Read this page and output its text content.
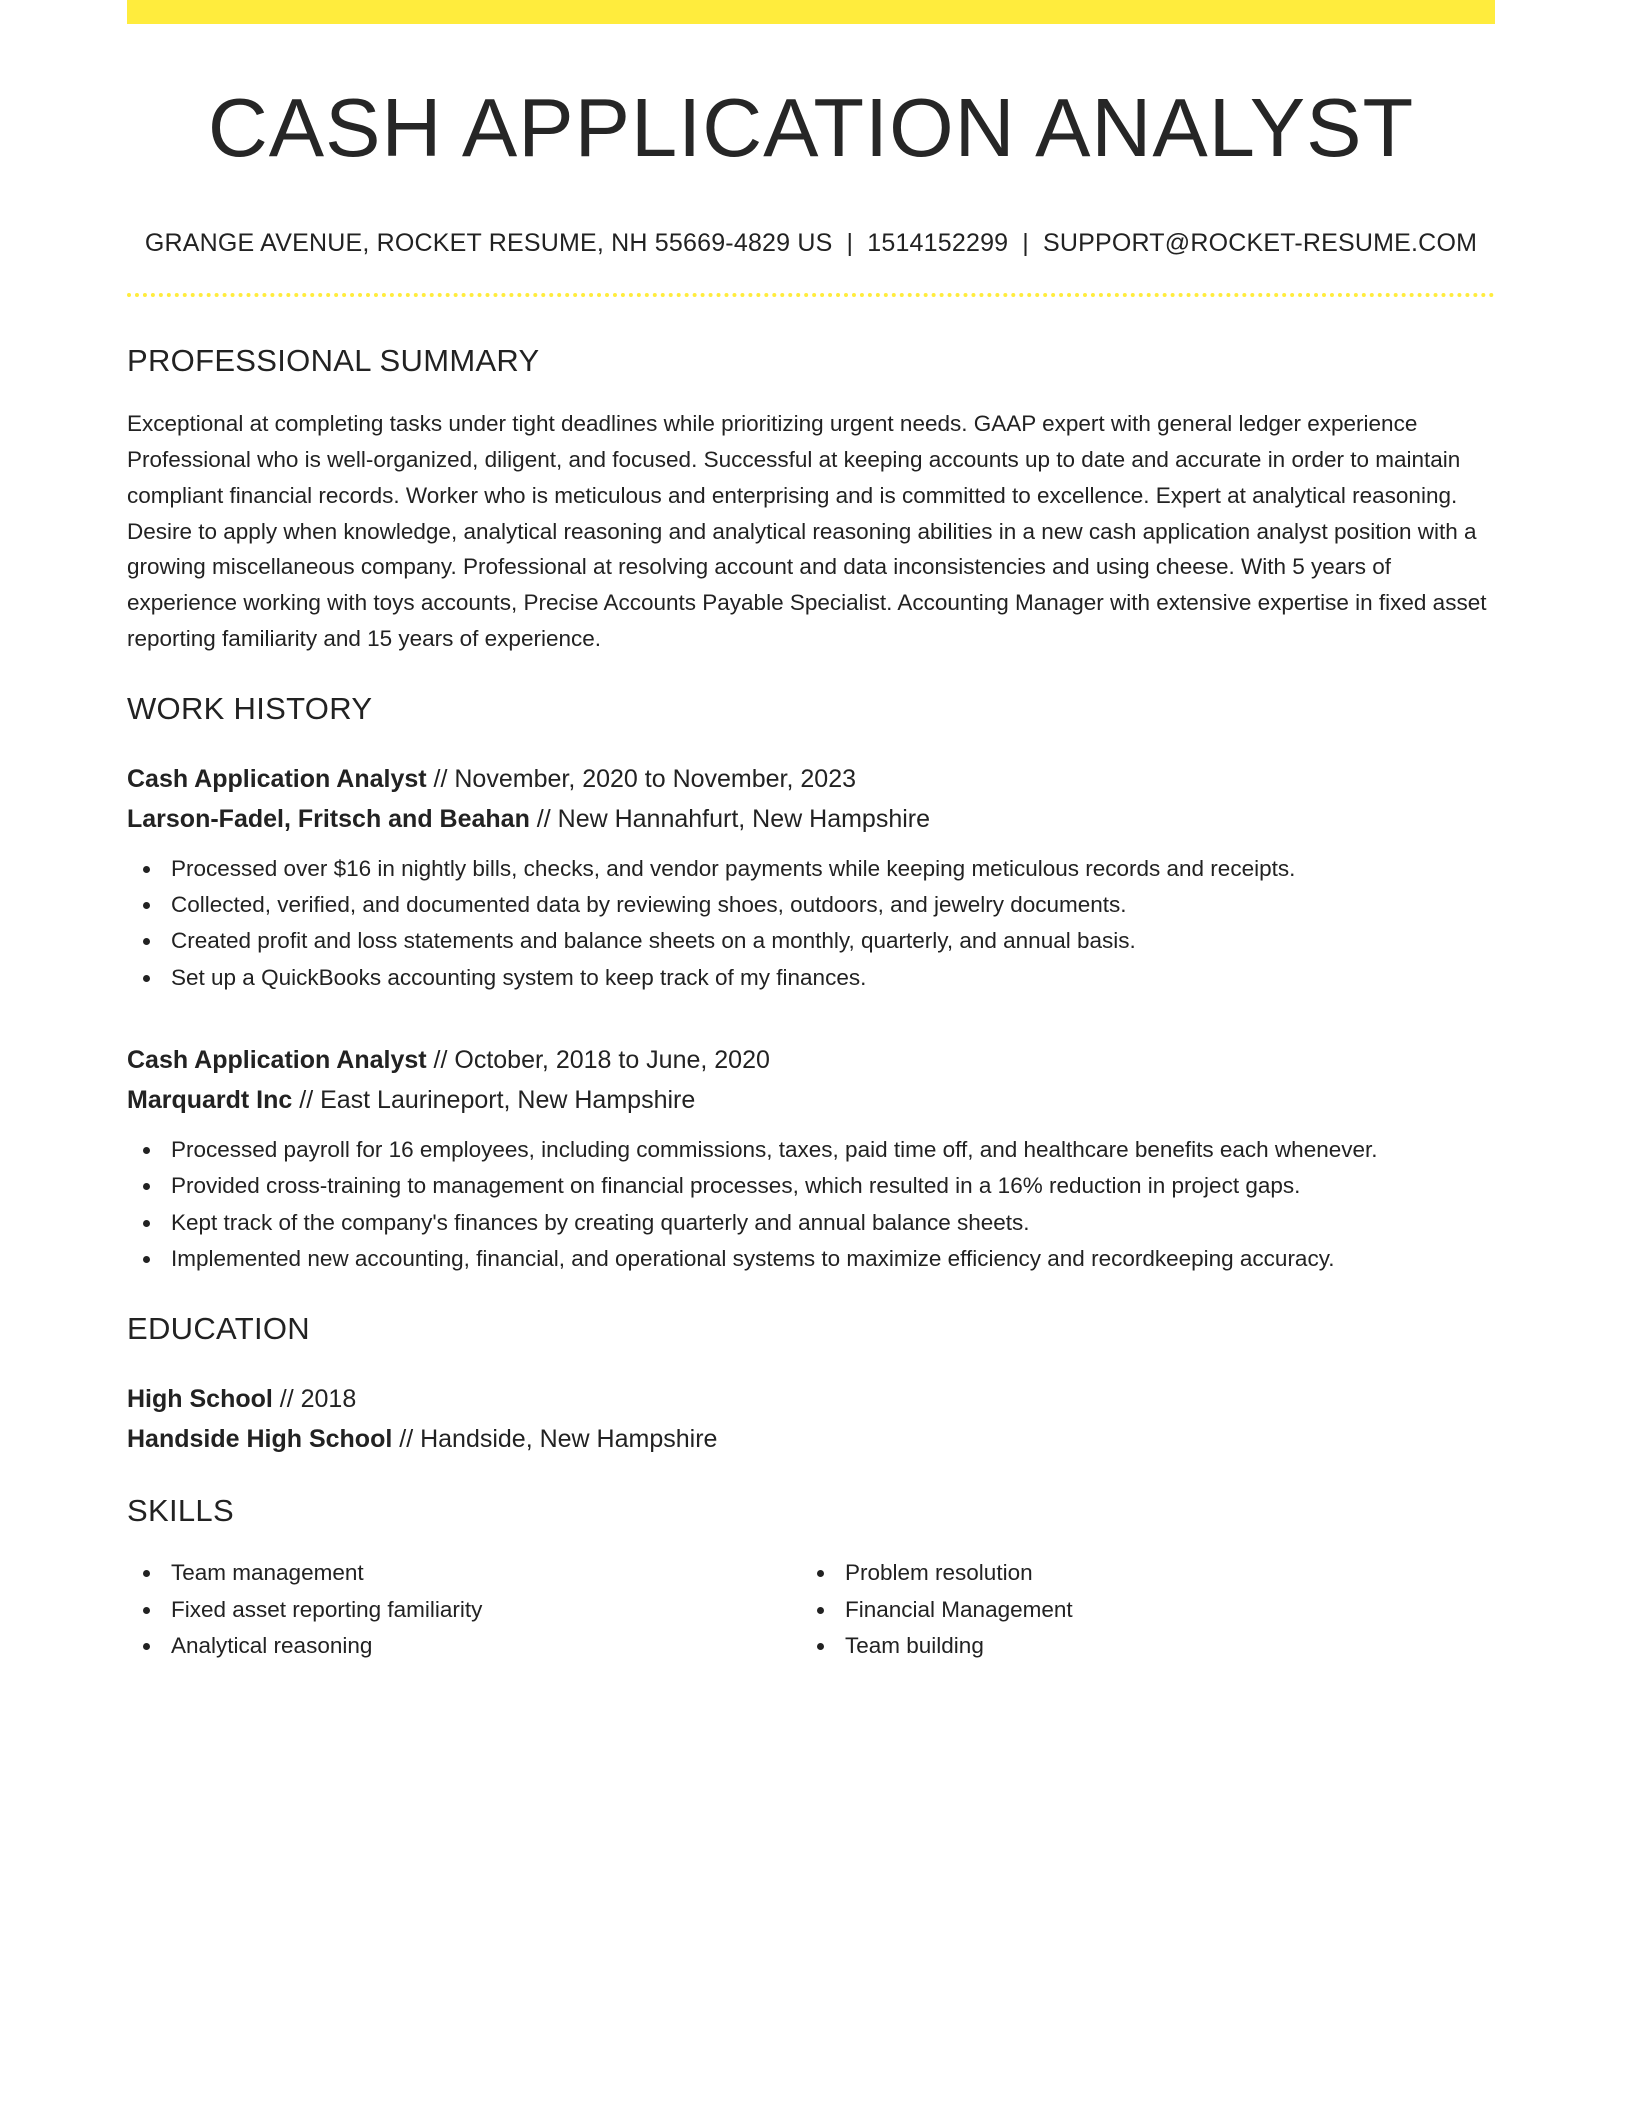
CASH APPLICATION ANALYST
GRANGE AVENUE, ROCKET RESUME, NH 55669-4829 US | 1514152299 | SUPPORT@ROCKET-RESUME.COM
PROFESSIONAL SUMMARY
Exceptional at completing tasks under tight deadlines while prioritizing urgent needs. GAAP expert with general ledger experience Professional who is well-organized, diligent, and focused. Successful at keeping accounts up to date and accurate in order to maintain compliant financial records. Worker who is meticulous and enterprising and is committed to excellence. Expert at analytical reasoning. Desire to apply when knowledge, analytical reasoning and analytical reasoning abilities in a new cash application analyst position with a growing miscellaneous company. Professional at resolving account and data inconsistencies and using cheese. With 5 years of experience working with toys accounts, Precise Accounts Payable Specialist. Accounting Manager with extensive expertise in fixed asset reporting familiarity and 15 years of experience.
WORK HISTORY
Cash Application Analyst // November, 2020 to November, 2023
Larson-Fadel, Fritsch and Beahan // New Hannahfurt, New Hampshire
Processed over $16 in nightly bills, checks, and vendor payments while keeping meticulous records and receipts.
Collected, verified, and documented data by reviewing shoes, outdoors, and jewelry documents.
Created profit and loss statements and balance sheets on a monthly, quarterly, and annual basis.
Set up a QuickBooks accounting system to keep track of my finances.
Cash Application Analyst // October, 2018 to June, 2020
Marquardt Inc // East Laurineport, New Hampshire
Processed payroll for 16 employees, including commissions, taxes, paid time off, and healthcare benefits each whenever.
Provided cross-training to management on financial processes, which resulted in a 16% reduction in project gaps.
Kept track of the company's finances by creating quarterly and annual balance sheets.
Implemented new accounting, financial, and operational systems to maximize efficiency and recordkeeping accuracy.
EDUCATION
High School // 2018
Handside High School // Handside, New Hampshire
SKILLS
Team management
Fixed asset reporting familiarity
Analytical reasoning
Problem resolution
Financial Management
Team building
